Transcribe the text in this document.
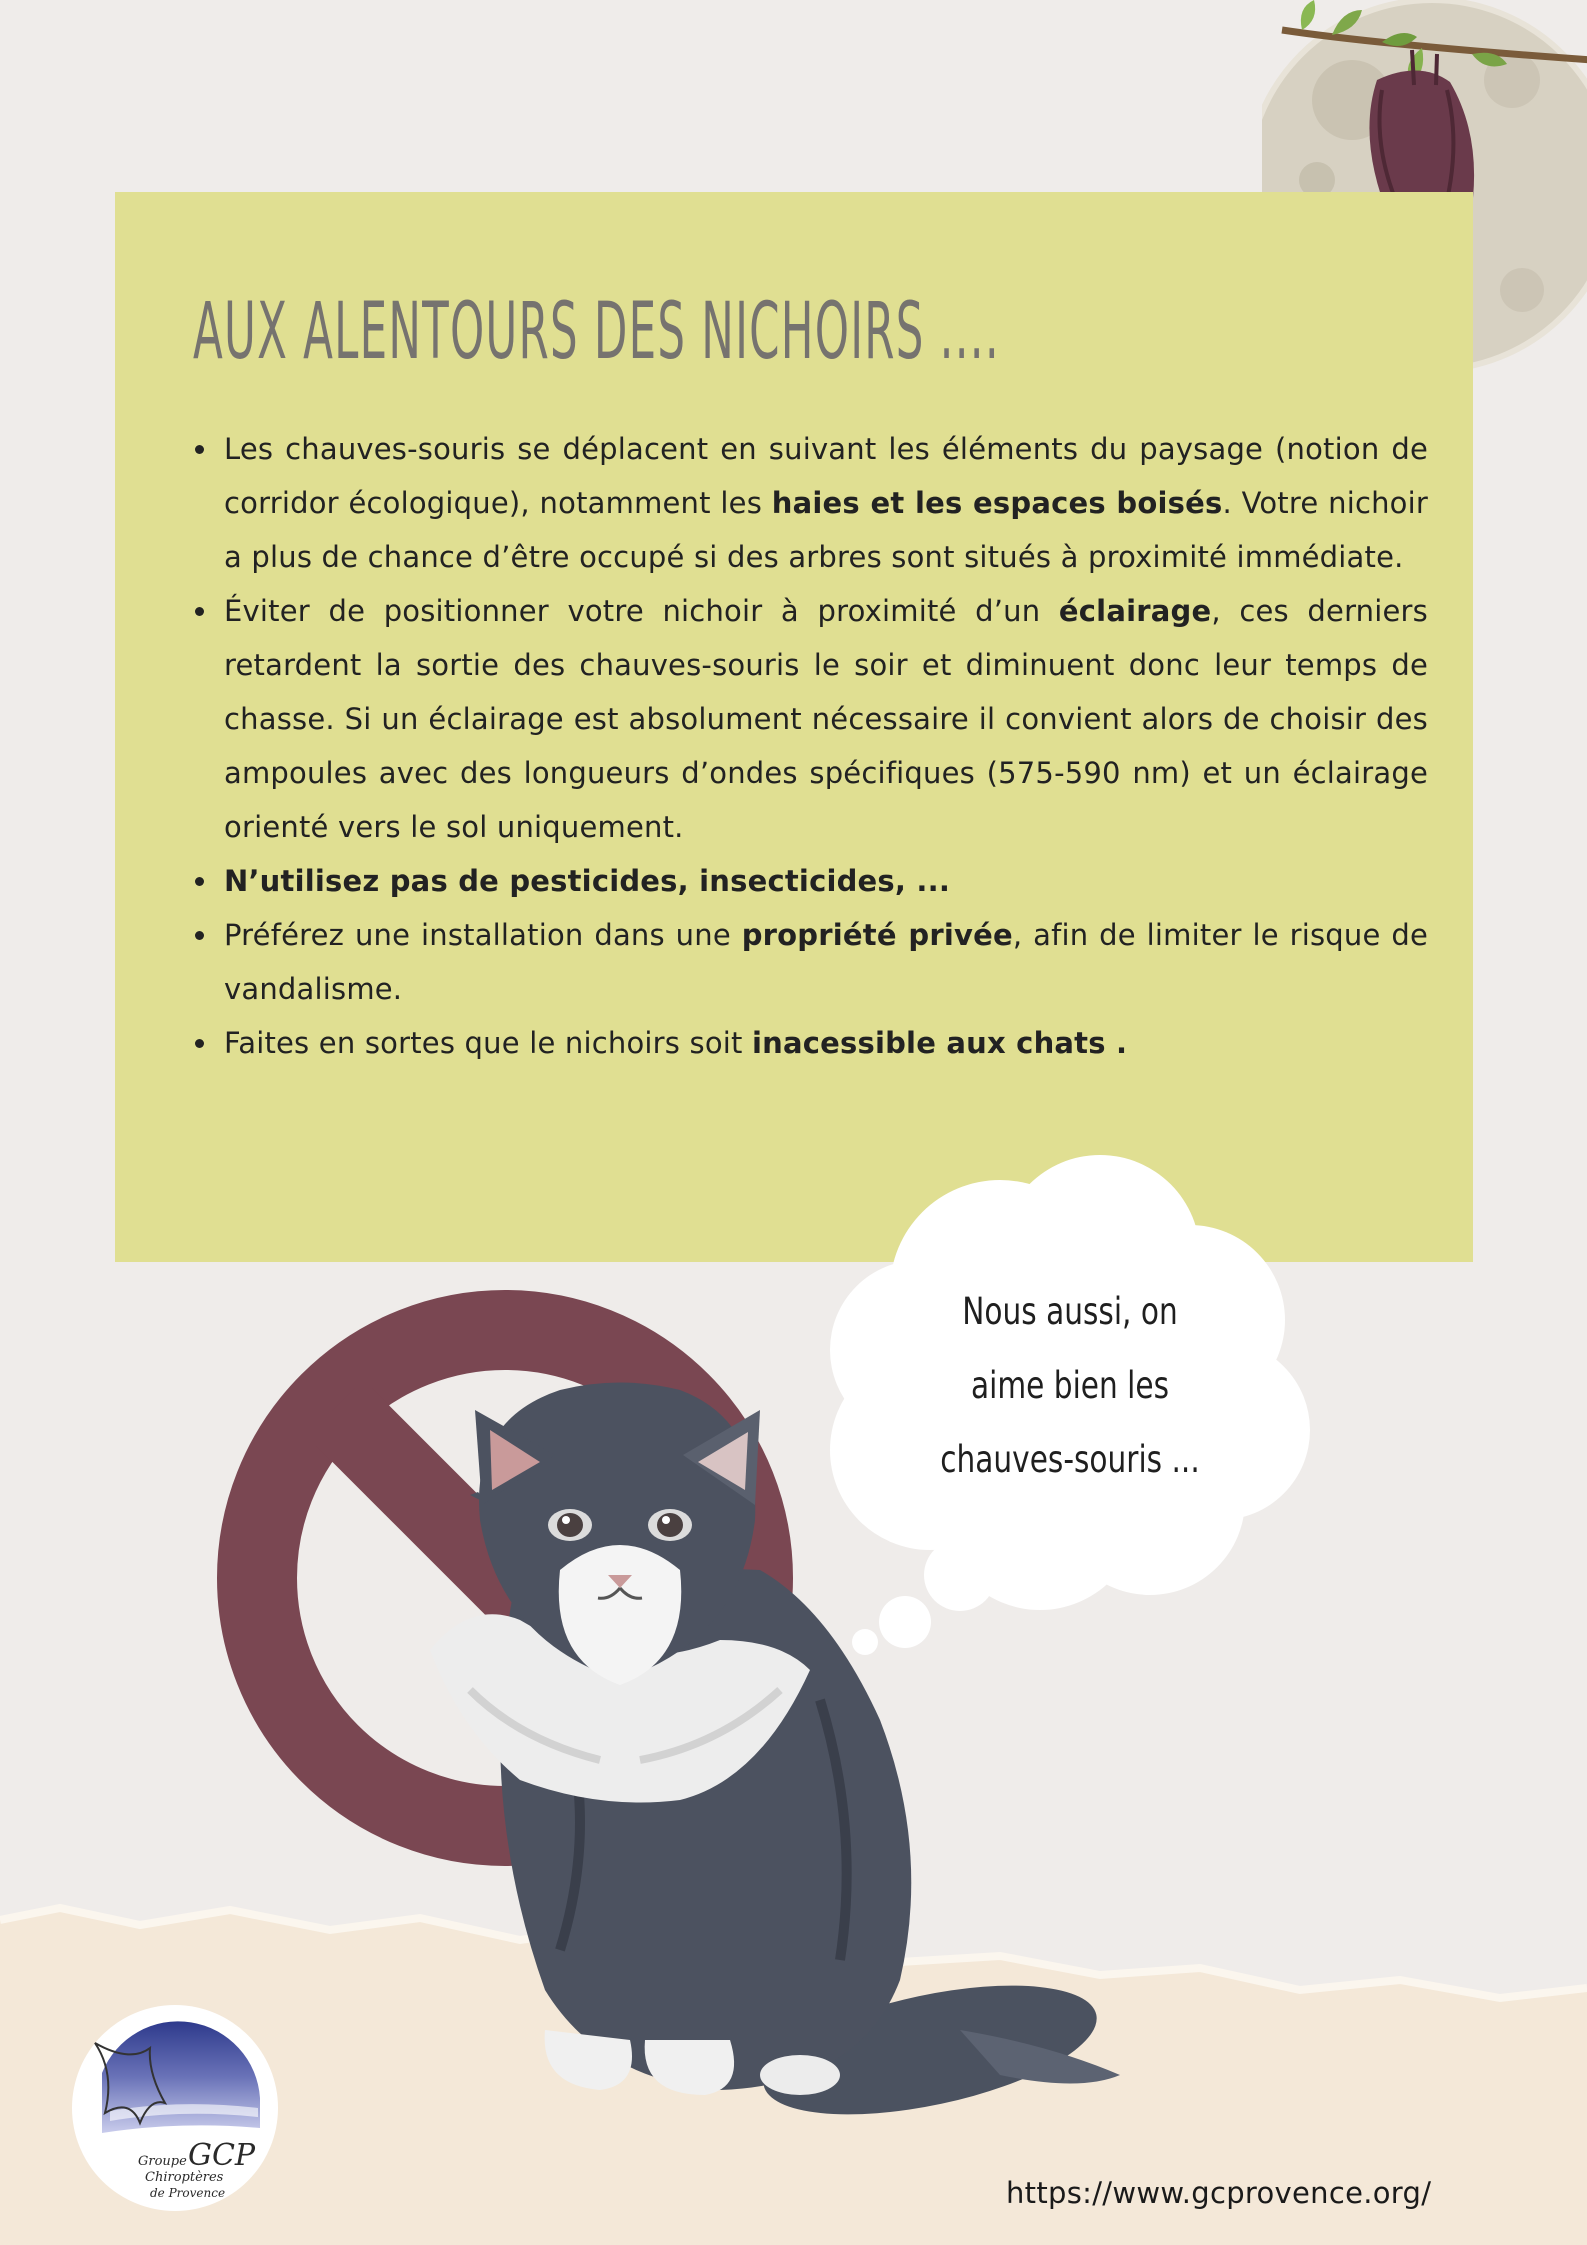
AUX ALENTOURS DES NICHOIRS ....
Les chauves-souris se déplacent en suivant les éléments du paysage (notion de corridor écologique), notamment les haies et les espaces boisés. Votre nichoir a plus de chance d’être occupé si des arbres sont situés à proximité immédiate.
Éviter de positionner votre nichoir à proximité d’un éclairage, ces derniers retardent la sortie des chauves-souris le soir et diminuent donc leur temps de chasse. Si un éclairage est absolument nécessaire il convient alors de choisir des ampoules avec des longueurs d’ondes spécifiques (575-590 nm) et un éclairage orienté vers le sol uniquement.
N’utilisez pas de pesticides, insecticides, ...
Préférez une installation dans une propriété privée, afin de limiter le risque de vandalisme.
Faites en sortes que le nichoirs soit inacessible aux chats .
Nous aussi, on
aime bien les
chauves-souris ...
GCP
Groupe
Chiroptères
de Provence	https://www.gcprovence.org/
